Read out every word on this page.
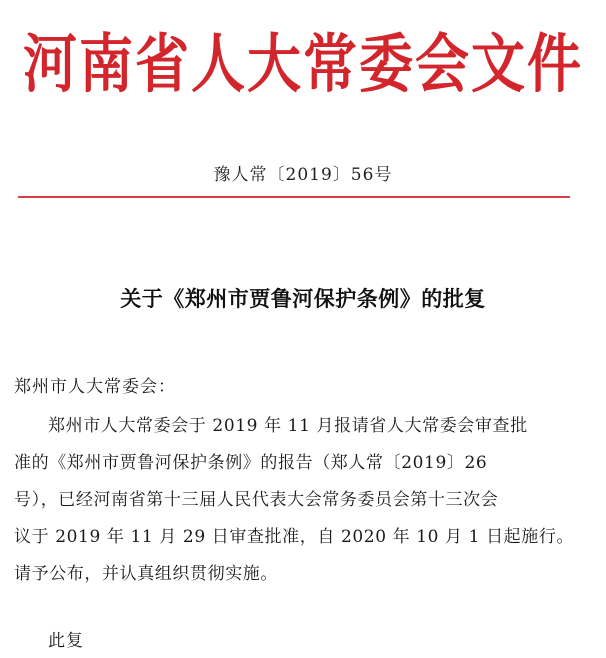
河南省人大常委会文件
豫人常〔2019〕56号
关于《郑州市贾鲁河保护条例》的批复
郑州市人大常委会：
郑州市人大常委会于 2019 年 11 月报请省人大常委会审查批
准的《郑州市贾鲁河保护条例》的报告（郑人常〔2019〕26
号），已经河南省第十三届人民代表大会常务委员会第十三次会
议于 2019 年 11 月 29 日审查批准，自 2020 年 10 月 1 日起施行。
请予公布，并认真组织贯彻实施。
此复
